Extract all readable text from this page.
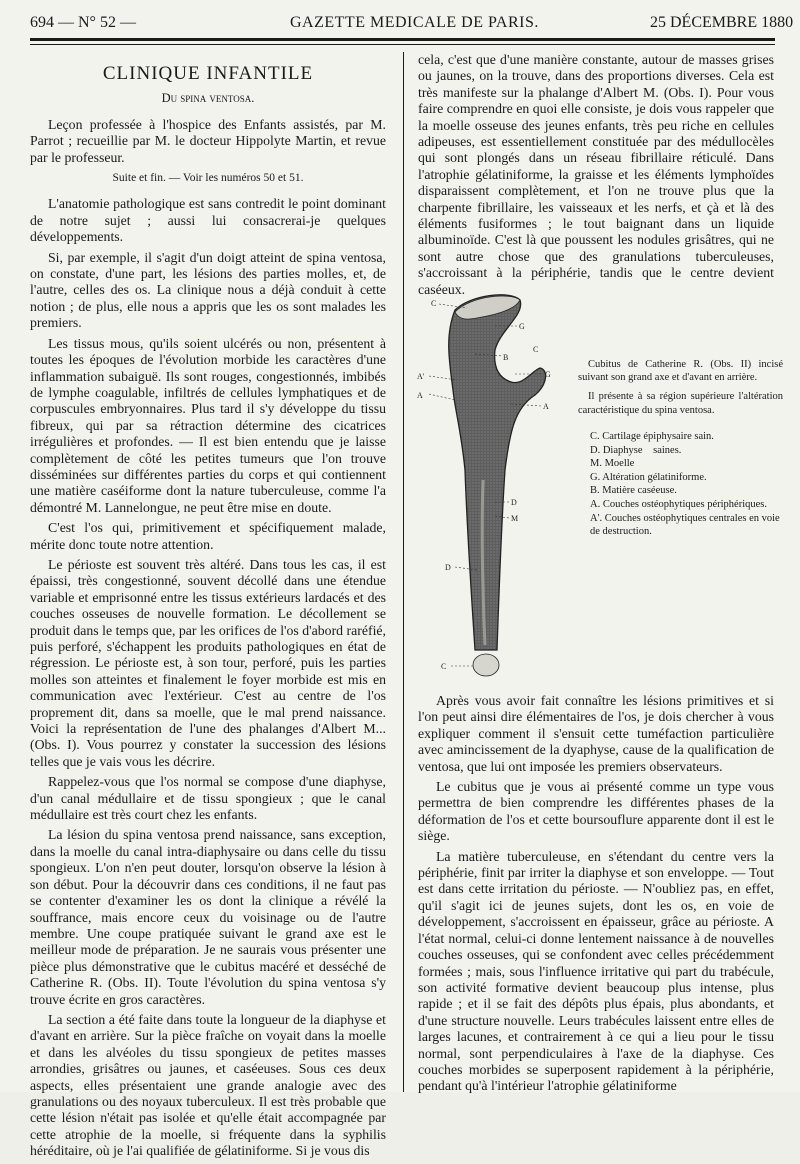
694 — N° 52 —	GAZETTE MEDICALE DE PARIS.	25 DÉCEMBRE 1880
CLINIQUE INFANTILE
Du spina ventosa.

Leçon professée à l'hospice des Enfants assistés, par M. Parrot ; recueillie par M. le docteur Hippolyte Martin, et revue par le professeur.

Suite et fin. — Voir les numéros 50 et 51.

L'anatomie pathologique est sans contredit le point dominant de notre sujet ; aussi lui consacrerai-je quelques développements.

Si, par exemple, il s'agit d'un doigt atteint de spina ventosa, on constate, d'une part, les lésions des parties molles, et, de l'autre, celles des os. La clinique nous a déjà conduit à cette notion ; de plus, elle nous a appris que les os sont malades les premiers.

Les tissus mous, qu'ils soient ulcérés ou non, présentent à toutes les époques de l'évolution morbide les caractères d'une inflammation subaiguë. Ils sont rouges, congestionnés, imbibés de lymphe coagulable, infiltrés de cellules lymphatiques et de corpuscules embryonnaires. Plus tard il s'y développe du tissu fibreux, qui par sa rétraction détermine des cicatrices irrégulières et profondes. — Il est bien entendu que je laisse complètement de côté les petites tumeurs que l'on trouve disséminées sur différentes parties du corps et qui contiennent une matière caséiforme dont la nature tuberculeuse, comme l'a démontré M. Lannelongue, ne peut être mise en doute.

C'est l'os qui, primitivement et spécifiquement malade, mérite donc toute notre attention.

Le périoste est souvent très altéré. Dans tous les cas, il est épaissi, très congestionné, souvent décollé dans une étendue variable et emprisonné entre les tissus extérieurs lardacés et des couches osseuses de nouvelle formation. Le décollement se produit dans le temps que, par les orifices de l'os d'abord raréfié, puis perforé, s'échappent les produits pathologiques en état de régression. Le périoste est, à son tour, perforé, puis les parties molles son atteintes et finalement le foyer morbide est mis en communication avec l'extérieur. C'est au centre de l'os proprement dit, dans sa moelle, que le mal prend naissance. Voici la représentation de l'une des phalanges d'Albert M... (Obs. I). Vous pourrez y constater la succession des lésions telles que je vais vous les décrire.

Rappelez-vous que l'os normal se compose d'une diaphyse, d'un canal médullaire et de tissu spongieux ; que le canal médullaire est très court chez les enfants.

La lésion du spina ventosa prend naissance, sans exception, dans la moelle du canal intra-diaphysaire ou dans celle du tissu spongieux. L'on n'en peut douter, lorsqu'on observe la lésion à son début. Pour la découvrir dans ces conditions, il ne faut pas se contenter d'examiner les os dont la clinique a révélé la souffrance, mais encore ceux du voisinage ou de l'autre membre. Une coupe pratiquée suivant le grand axe est le meilleur mode de préparation. Je ne saurais vous présenter une pièce plus démonstrative que le cubitus macéré et desséché de Catherine R. (Obs. II). Toute l'évolution du spina ventosa s'y trouve écrite en gros caractères.

La section a été faite dans toute la longueur de la diaphyse et d'avant en arrière. Sur la pièce fraîche on voyait dans la moelle et dans les alvéoles du tissu spongieux de petites masses arrondies, grisâtres ou jaunes, et caséeuses. Sous ces deux aspects, elles présentaient une grande analogie avec des granulations ou des noyaux tuberculeux. Il est très probable que cette lésion n'était pas isolée et qu'elle était accompagnée par cette atrophie de la moelle, si fréquente dans la syphilis héréditaire, où je l'ai qualifiée de gélatiniforme. Si je vous dis

cela, c'est que d'une manière constante, autour de masses grises ou jaunes, on la trouve, dans des proportions diverses. Cela est très manifeste sur la phalange d'Albert M. (Obs. I). Pour vous faire comprendre en quoi elle consiste, je dois vous rappeler que la moelle osseuse des jeunes enfants, très peu riche en cellules adipeuses, est essentiellement constituée par des médullocèles qui sont plongés dans un réseau fibrillaire réticulé. Dans l'atrophie gélatiniforme, la graisse et les éléments lymphoïdes disparaissent complètement, et l'on ne trouve plus que la charpente fibrillaire, les vaisseaux et les nerfs, et çà et là des éléments fusiformes ; le tout baignant dans un liquide albuminoïde. C'est là que poussent les nodules grisâtres, qui ne sont autre chose que des granulations tuberculeuses, s'accroissant à la périphérie, tandis que le centre devient caséeux.

C
G
B
C
A'
A
G
A
D
M
D
C

Cubitus de Catherine R. (Obs. II) incisé suivant son grand axe et d'avant en arrière.

Il présente à sa région supérieure l'altération caractéristique du spina ventosa.

C. Cartilage épiphysaire sain.
D. Diaphyse saines.
M. Moelle
G. Altération gélatiniforme.
B. Matière caséeuse.
A. Couches ostéophytiques périphériques.
A'. Couches ostéophytiques centrales en voie de destruction.

Après vous avoir fait connaître les lésions primitives et si l'on peut ainsi dire élémentaires de l'os, je dois chercher à vous expliquer comment il s'ensuit cette tuméfaction particulière avec amincissement de la dyaphyse, cause de la qualification de ventosa, que lui ont imposée les premiers observateurs.

Le cubitus que je vous ai présenté comme un type vous permettra de bien comprendre les différentes phases de la déformation de l'os et cette boursouflure apparente dont il est le siège.

La matière tuberculeuse, en s'étendant du centre vers la périphérie, finit par irriter la diaphyse et son enveloppe. — Tout est dans cette irritation du périoste. — N'oubliez pas, en effet, qu'il s'agit ici de jeunes sujets, dont les os, en voie de développement, s'accroissent en épaisseur, grâce au périoste. A l'état normal, celui-ci donne lentement naissance à de nouvelles couches osseuses, qui se confondent avec celles précédemment formées ; mais, sous l'influence irritative qui part du trabécule, son activité formative devient beaucoup plus intense, plus rapide ; et il se fait des dépôts plus épais, plus abondants, et d'une structure nouvelle. Leurs trabécules laissent entre elles de larges lacunes, et contrairement à ce qui a lieu pour le tissu normal, sont perpendiculaires à l'axe de la diaphyse. Ces couches morbides se superposent rapidement à la périphérie, pendant qu'à l'intérieur l'atrophie gélatiniforme
